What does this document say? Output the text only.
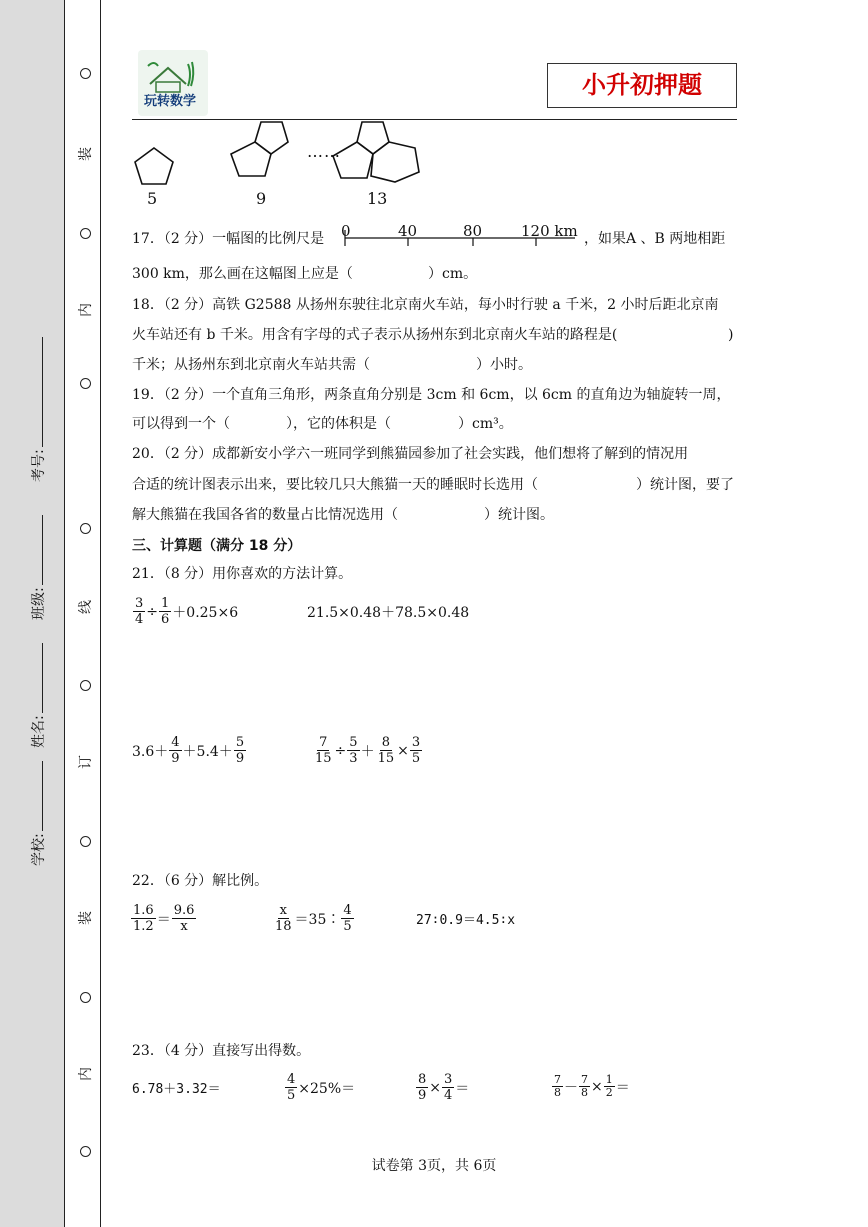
学校:
姓名:
班级:
考号:
装
内
线
订
装
内
玩转数学
小升初押题
……
5	9	13
17．（2 分）一幅图的比例尺是 0	40	80	120 km ，如果A 、B 两地相距
300 km，那么画在这幅图上应是（	）cm。
18．（2 分）高铁 G2588 从扬州东驶往北京南火车站，每小时行驶 a 千米，2 小时后距北京南
火车站还有 b 千米。用含有字母的式子表示从扬州东到北京南火车站的路程是(	)
千米；从扬州东到北京南火车站共需（	）小时。
19．（2 分）一个直角三角形，两条直角分别是 3cm 和 6cm，以 6cm 的直角边为轴旋转一周，
可以得到一个（	），它的体积是（	）cm³。
20．（2 分）成都新安小学六一班同学到熊猫园参加了社会实践，他们想将了解到的情况用
合适的统计图表示出来，要比较几只大熊猫一天的睡眠时长选用（	）统计图，要了
解大熊猫在我国各省的数量占比情况选用（	）统计图。
三、计算题（满分 18 分）
21．（8 分）用你喜欢的方法计算。
$\frac{3}{4} \div \frac{1}{6} +0.25\times 6$	21.5×0.48＋78.5×0.48
$3.6+ \frac{4}{9} +5.4+ \frac{5}{9}$	$\frac{7}{15} \div \frac{5}{3} + \frac{8}{15} \times \frac{3}{5}$
22．（6 分）解比例。
$\frac{1.6}{1.2} = \frac{9.6}{x}$	$\frac{x}{18}$ ＝35∶ $\frac{4}{5}$	27∶0.9＝4.5∶x
23．（4 分）直接写出得数。
6.78＋3.32＝	$\frac{4}{5} \times 25\%=$	$\frac{8}{9} \times \frac{3}{4}$ ＝	$\frac{7}{8} - \frac{7}{8} \times \frac{1}{2}$ ＝
试卷第 3页，共 6页
